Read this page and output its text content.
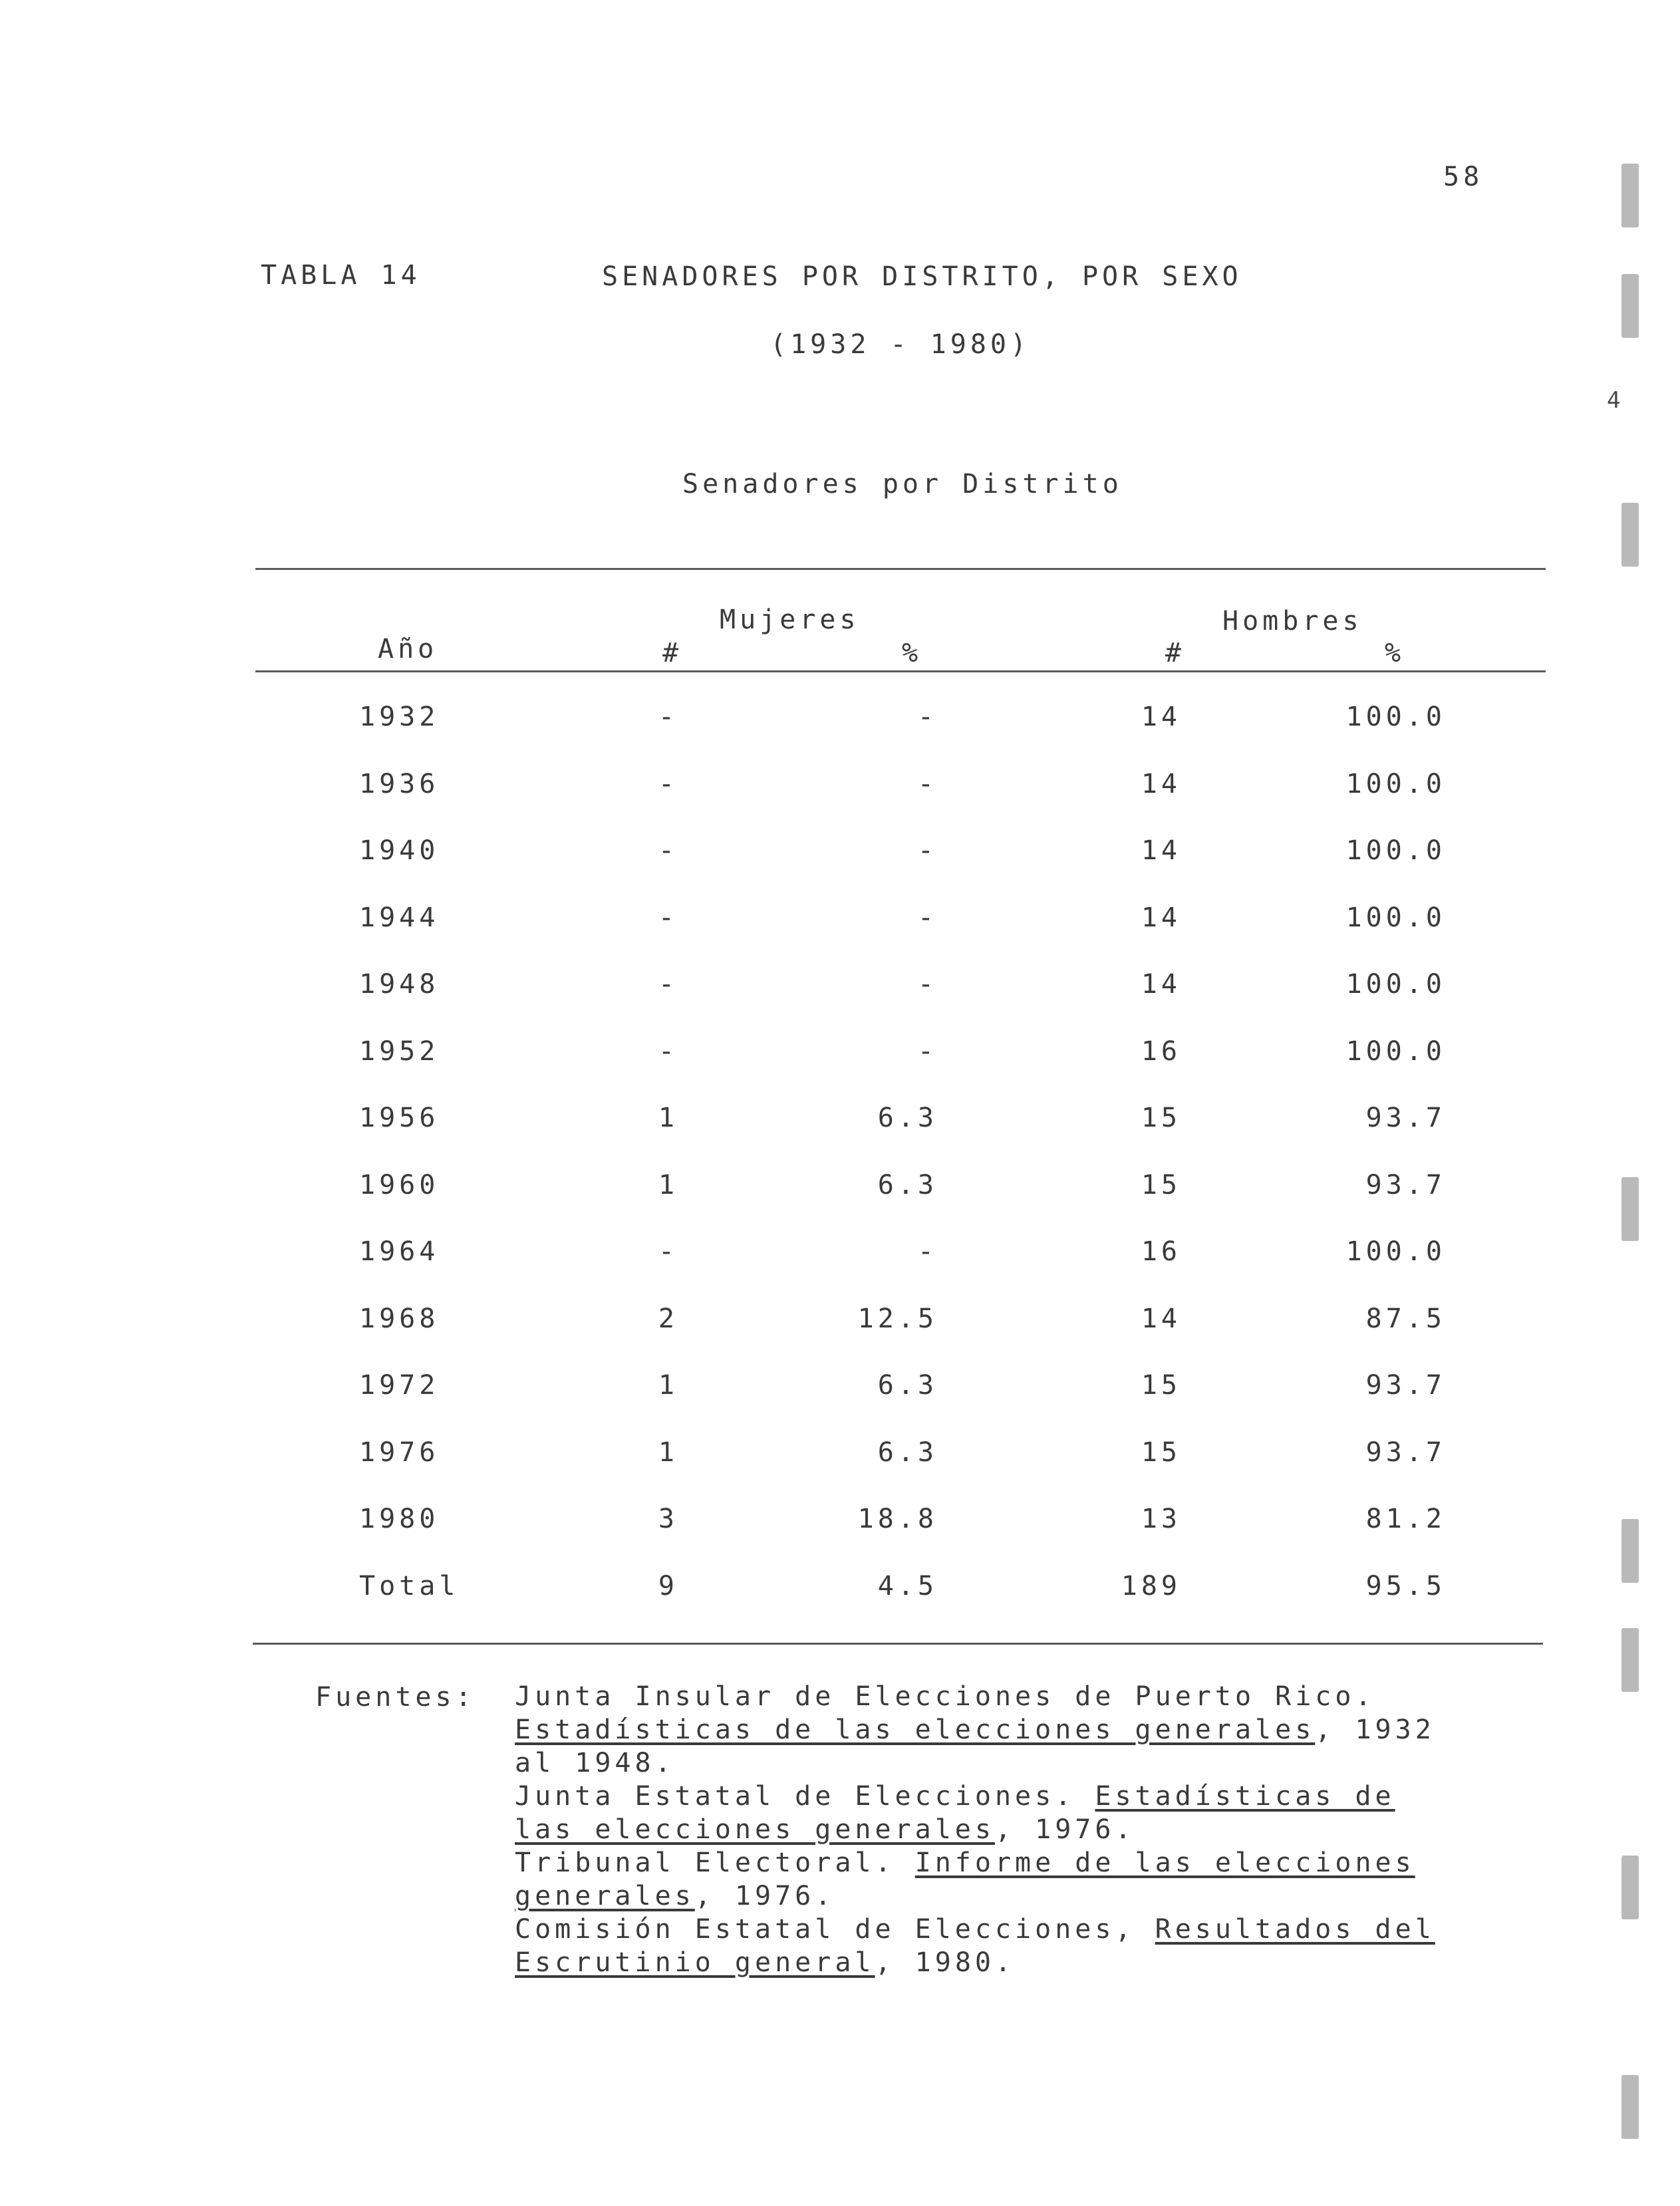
58
4
TABLA 14	SENADORES POR DISTRITO, POR SEXO
(1932 - 1980)
Senadores por Distrito
Mujeres	Hombres
Año	#	%	#	%
1932	-	-	14	100.0
1936	-	-	14	100.0
1940	-	-	14	100.0
1944	-	-	14	100.0
1948	-	-	14	100.0
1952	-	-	16	100.0
1956	1	6.3	15	93.7
1960	1	6.3	15	93.7
1964	-	-	16	100.0
1968	2	12.5	14	87.5
1972	1	6.3	15	93.7
1976	1	6.3	15	93.7
1980	3	18.8	13	81.2
Total	9	4.5	189	95.5
Fuentes: Junta Insular de Elecciones de Puerto Rico.
Estadísticas de las elecciones generales, 1932
al 1948.
Junta Estatal de Elecciones. Estadísticas de
las elecciones generales, 1976.
Tribunal Electoral. Informe de las elecciones
generales, 1976.
Comisión Estatal de Elecciones, Resultados del
Escrutinio general, 1980.
